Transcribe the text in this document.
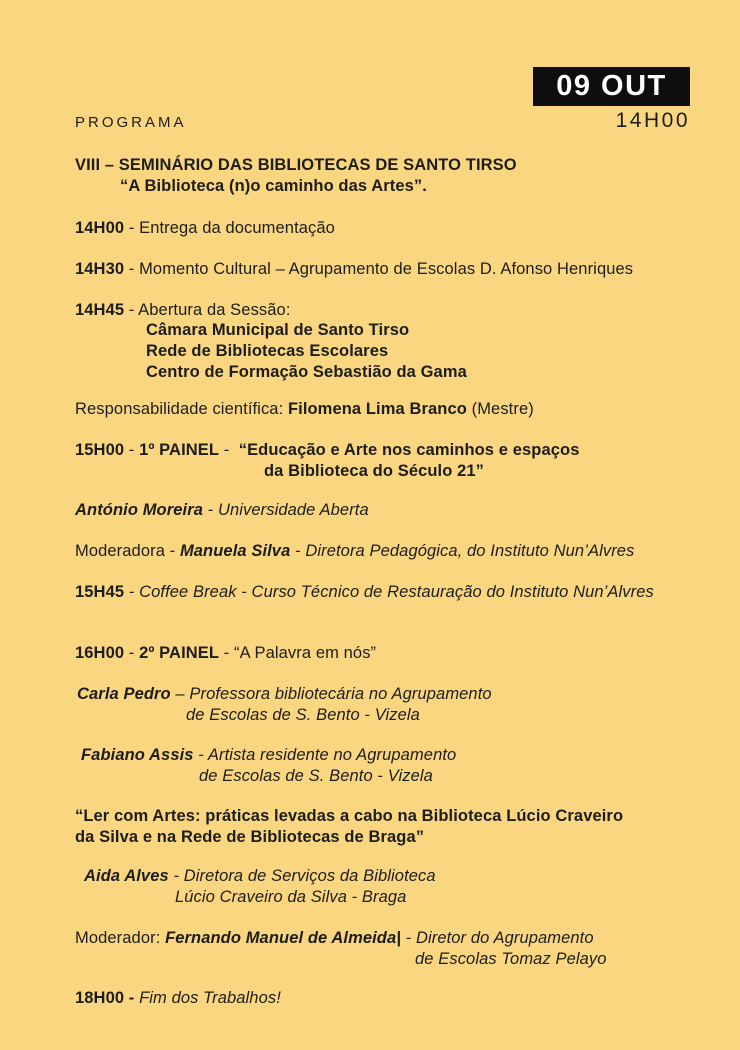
PROGRAMA
09 OUT
14H00
VIII – SEMINÁRIO DAS BIBLIOTECAS DE SANTO TIRSO
“A Biblioteca (n)o caminho das Artes”.
14H00 - Entrega da documentação
14H30 - Momento Cultural – Agrupamento de Escolas D. Afonso Henriques
14H45 - Abertura da Sessão:
Câmara Municipal de Santo Tirso
Rede de Bibliotecas Escolares
Centro de Formação Sebastião da Gama
Responsabilidade científica: Filomena Lima Branco (Mestre)
15H00 - 1º PAINEL -  “Educação e Arte nos caminhos e espaços
da Biblioteca do Século 21”
António Moreira - Universidade Aberta
Moderadora - Manuela Silva - Diretora Pedagógica, do Instituto Nun’Alvres
15H45 - Coffee Break - Curso Técnico de Restauração do Instituto Nun’Alvres
16H00 - 2º PAINEL - “A Palavra em nós”
Carla Pedro – Professora bibliotecária no Agrupamento
de Escolas de S. Bento - Vizela
Fabiano Assis - Artista residente no Agrupamento
de Escolas de S. Bento - Vizela
“Ler com Artes: práticas levadas a cabo na Biblioteca Lúcio Craveiro
da Silva e na Rede de Bibliotecas de Braga”
Aida Alves - Diretora de Serviços da Biblioteca
Lúcio Craveiro da Silva - Braga
Moderador: Fernando Manuel de Almeida| - Diretor do Agrupamento
de Escolas Tomaz Pelayo
18H00 - Fim dos Trabalhos!
